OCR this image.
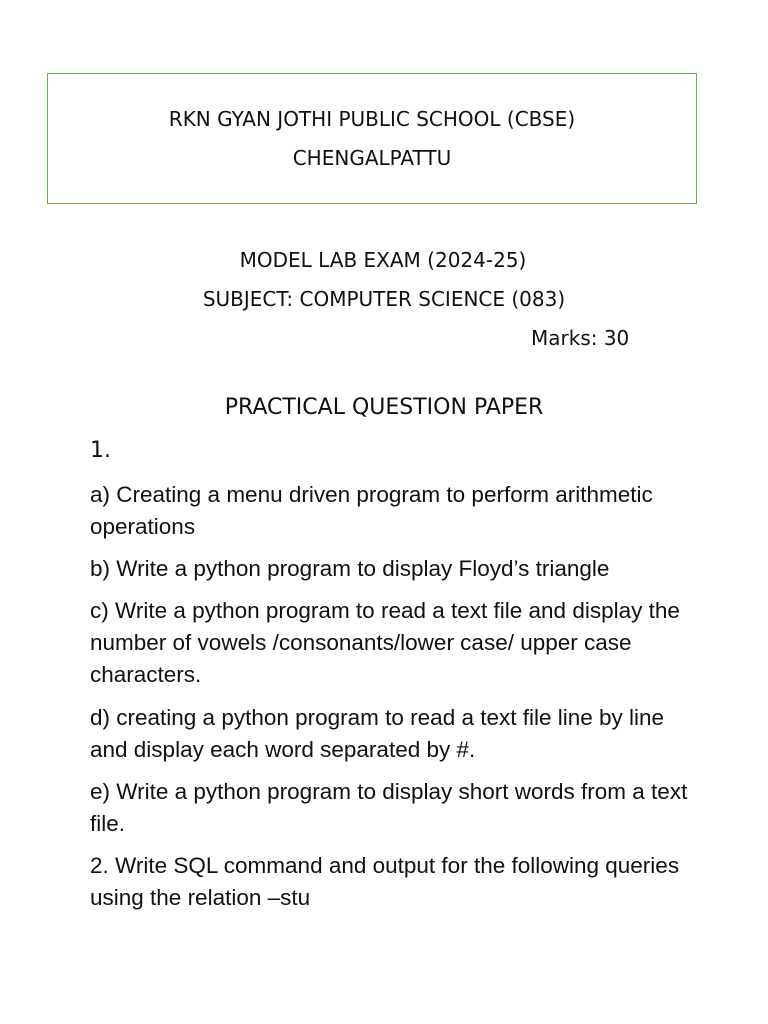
RKN GYAN JOTHI PUBLIC SCHOOL (CBSE)
CHENGALPATTU
MODEL LAB EXAM (2024-25)
SUBJECT: COMPUTER SCIENCE (083)
Marks: 30
PRACTICAL QUESTION PAPER
1.

a) Creating a menu driven program to perform arithmetic operations

b) Write a python program to display Floyd’s triangle

c) Write a python program to read a text file and display the number of vowels /consonants/lower case/ upper case characters.

d) creating a python program to read a text file line by line and display each word separated by #.

e) Write a python program to display short words from a text file.

2. Write SQL command and output for the following queries using the relation –stu
